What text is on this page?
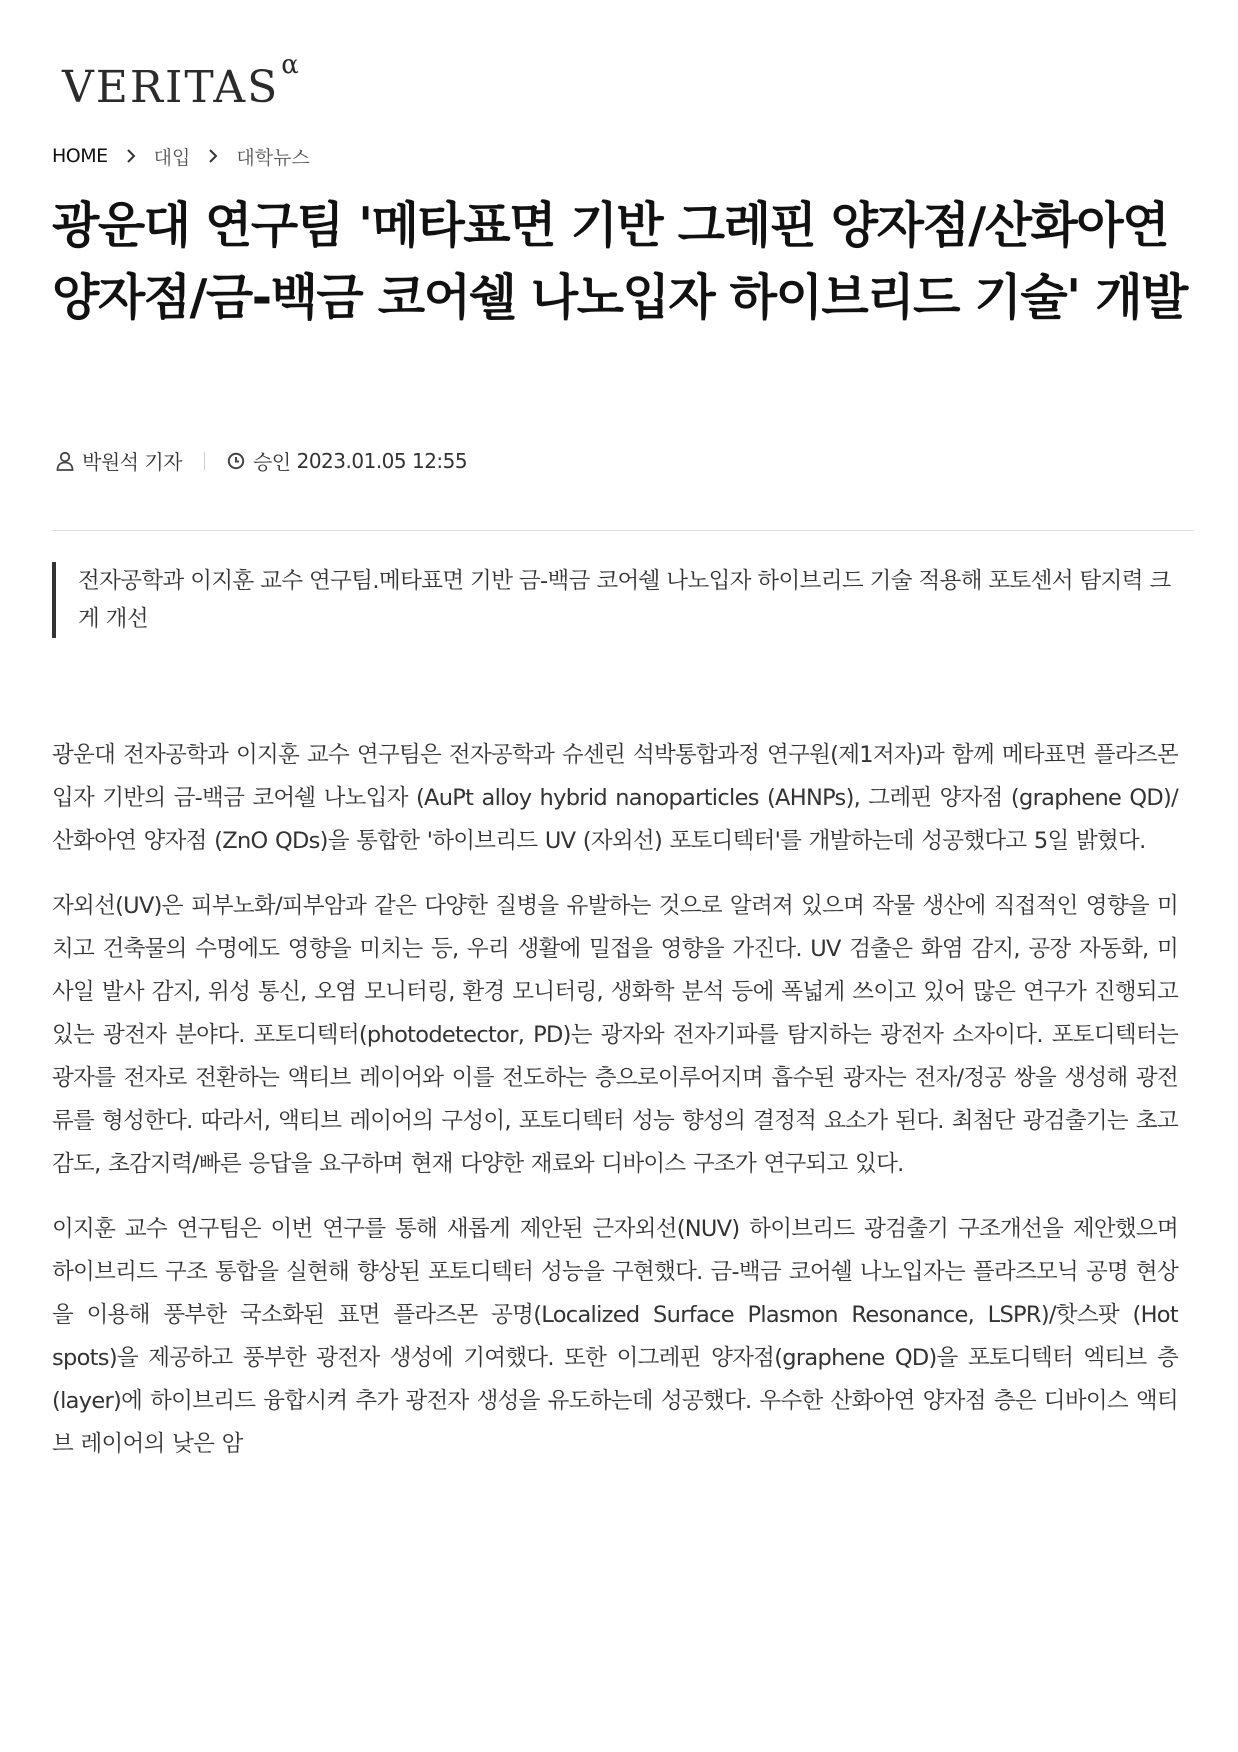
VERITAS α
HOME 대입 대학뉴스
광운대 연구팀 '메타표면 기반 그레핀 양자점/산화아연 양자점/금-백금 코어쉘 나노입자 하이브리드 기술' 개발
박원석 기자	승인 2023.01.05 12:55
전자공학과 이지훈 교수 연구팀.메타표면 기반 금-백금 코어쉘 나노입자 하이브리드 기술 적용해 포토센서 탐지력 크게 개선

광운대 전자공학과 이지훈 교수 연구팀은 전자공학과 슈센린 석박통합과정 연구원(제1저자)과 함께 메타표면 플라즈몬 입자 기반의 금-백금 코어쉘 나노입자 (AuPt alloy hybrid nanoparticles (AHNPs), 그레핀 양자점 (graphene QD)/산화아연 양자점 (ZnO QDs)을 통합한 '하이브리드 UV (자외선) 포토디텍터'를 개발하는데 성공했다고 5일 밝혔다.

자외선(UV)은 피부노화/피부암과 같은 다양한 질병을 유발하는 것으로 알려져 있으며 작물 생산에 직접적인 영향을 미치고 건축물의 수명에도 영향을 미치는 등, 우리 생활에 밀접을 영향을 가진다. UV 검출은 화염 감지, 공장 자동화, 미사일 발사 감지, 위성 통신, 오염 모니터링, 환경 모니터링, 생화학 분석 등에 폭넓게 쓰이고 있어 많은 연구가 진행되고 있는 광전자 분야다. 포토디텍터(photodetector, PD)는 광자와 전자기파를 탐지하는 광전자 소자이다. 포토디텍터는 광자를 전자로 전환하는 액티브 레이어와 이를 전도하는 층으로이루어지며 흡수된 광자는 전자/정공 쌍을 생성해 광전류를 형성한다. 따라서, 액티브 레이어의 구성이, 포토디텍터 성능 향성의 결정적 요소가 된다. 최첨단 광검출기는 초고감도, 초감지력/빠른 응답을 요구하며 현재 다양한 재료와 디바이스 구조가 연구되고 있다.

이지훈 교수 연구팀은 이번 연구를 통해 새롭게 제안된 근자외선(NUV) 하이브리드 광검출기 구조개선을 제안했으며 하이브리드 구조 통합을 실현해 향상된 포토디텍터 성능을 구현했다. 금-백금 코어쉘 나노입자는 플라즈모닉 공명 현상을 이용해 풍부한 국소화된 표면 플라즈몬 공명(Localized Surface Plasmon Resonance, LSPR)/핫스팟 (Hot spots)을 제공하고 풍부한 광전자 생성에 기여했다. 또한 이그레핀 양자점(graphene QD)을 포토디텍터 엑티브 층(layer)에 하이브리드 융합시켜 추가 광전자 생성을 유도하는데 성공했다. 우수한 산화아연 양자점 층은 디바이스 액티브 레이어의 낮은 암
